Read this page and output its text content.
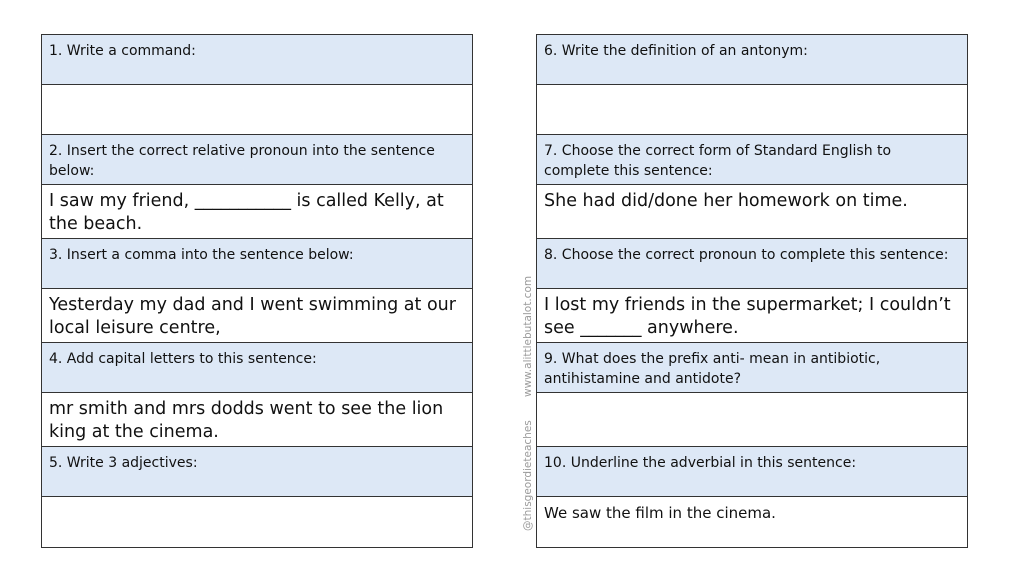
1. Write a command:
2. Insert the correct relative pronoun into the sentence below:
I saw my friend, ___________ is called Kelly, at the beach.
3. Insert a comma into the sentence below:
Yesterday my dad and I went swimming at our local leisure centre,
4. Add capital letters to this sentence:
mr smith and mrs dodds went to see the lion king at the cinema.
5. Write 3 adjectives:
www.alittlebutalot.com
@thisgeordieteaches
6. Write the definition of an antonym:
7. Choose the correct form of Standard English to complete this sentence:
She had did/done her homework on time.
8. Choose the correct pronoun to complete this sentence:
I lost my friends in the supermarket; I couldn’t see _______ anywhere.
9. What does the prefix anti- mean in antibiotic, antihistamine and antidote?
10. Underline the adverbial in this sentence:
We saw the film in the cinema.
